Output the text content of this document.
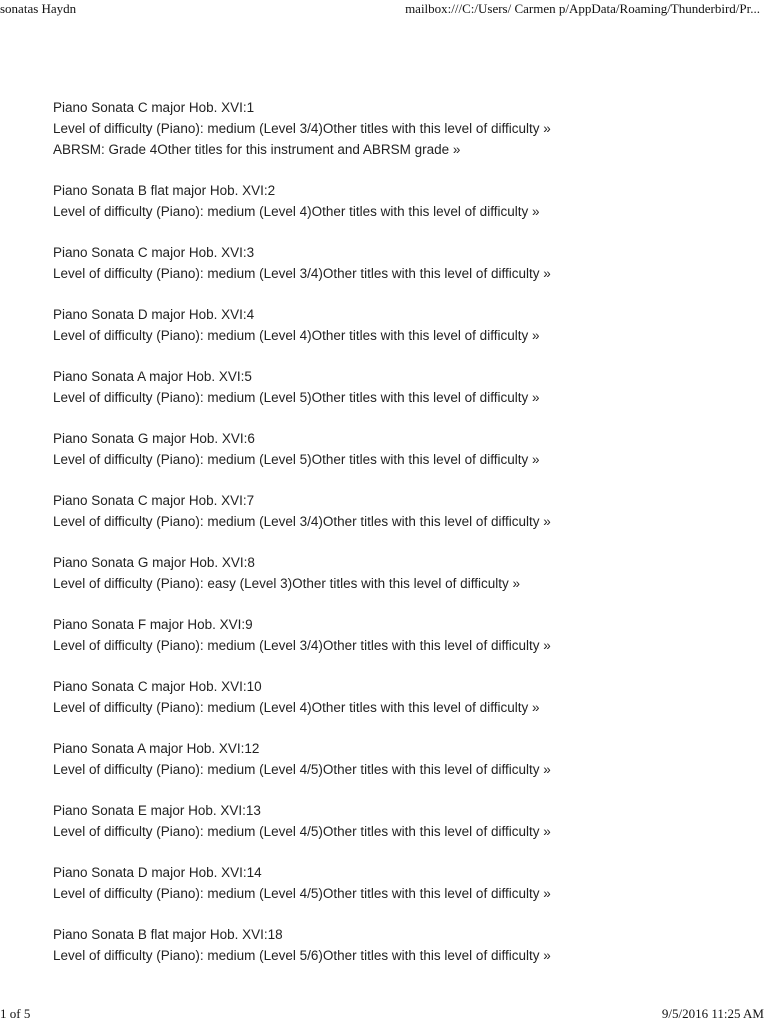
sonatas Haydn	mailbox:///C:/Users/ Carmen p/AppData/Roaming/Thunderbird/Pr...
Piano Sonata C major Hob. XVI:1
Level of difficulty (Piano): medium (Level 3/4)Other titles with this level of difficulty »
ABRSM: Grade 4Other titles for this instrument and ABRSM grade »
Piano Sonata B flat major Hob. XVI:2
Level of difficulty (Piano): medium (Level 4)Other titles with this level of difficulty »
Piano Sonata C major Hob. XVI:3
Level of difficulty (Piano): medium (Level 3/4)Other titles with this level of difficulty »
Piano Sonata D major Hob. XVI:4
Level of difficulty (Piano): medium (Level 4)Other titles with this level of difficulty »
Piano Sonata A major Hob. XVI:5
Level of difficulty (Piano): medium (Level 5)Other titles with this level of difficulty »
Piano Sonata G major Hob. XVI:6
Level of difficulty (Piano): medium (Level 5)Other titles with this level of difficulty »
Piano Sonata C major Hob. XVI:7
Level of difficulty (Piano): medium (Level 3/4)Other titles with this level of difficulty »
Piano Sonata G major Hob. XVI:8
Level of difficulty (Piano): easy (Level 3)Other titles with this level of difficulty »
Piano Sonata F major Hob. XVI:9
Level of difficulty (Piano): medium (Level 3/4)Other titles with this level of difficulty »
Piano Sonata C major Hob. XVI:10
Level of difficulty (Piano): medium (Level 4)Other titles with this level of difficulty »
Piano Sonata A major Hob. XVI:12
Level of difficulty (Piano): medium (Level 4/5)Other titles with this level of difficulty »
Piano Sonata E major Hob. XVI:13
Level of difficulty (Piano): medium (Level 4/5)Other titles with this level of difficulty »
Piano Sonata D major Hob. XVI:14
Level of difficulty (Piano): medium (Level 4/5)Other titles with this level of difficulty »
Piano Sonata B flat major Hob. XVI:18
Level of difficulty (Piano): medium (Level 5/6)Other titles with this level of difficulty »
1 of 5	9/5/2016 11:25 AM
